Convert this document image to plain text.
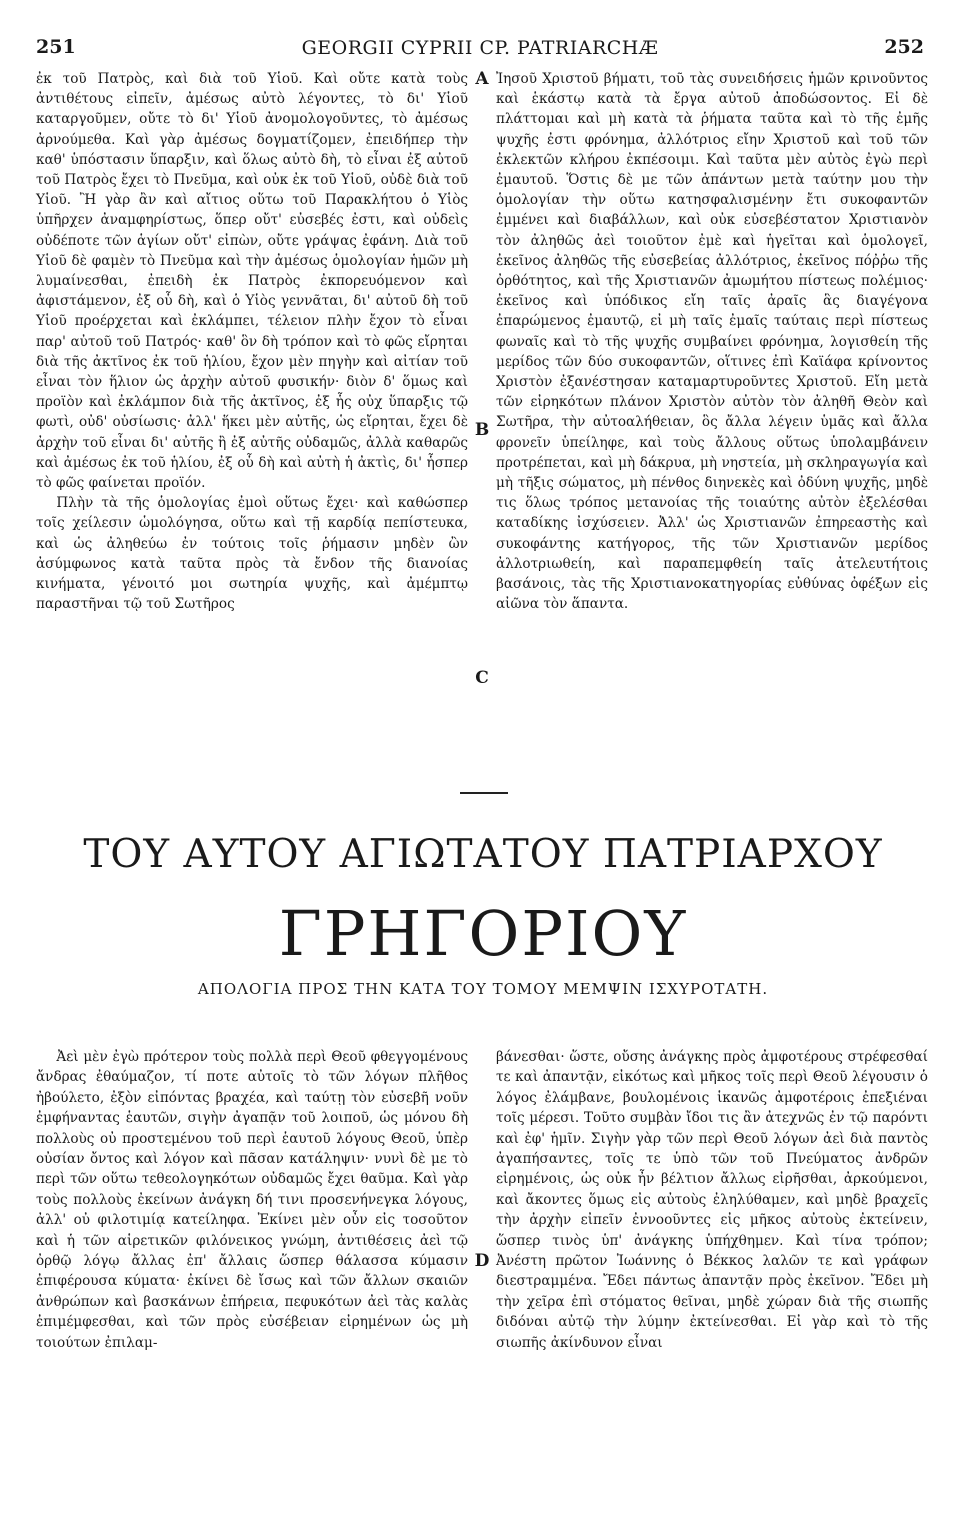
251	GEORGII CYPRII CP. PATRIARCHÆ	252

ἐκ τοῦ Πατρὸς, καὶ διὰ τοῦ Υἱοῦ. Καὶ οὔτε κατὰ τοὺς ἀντιθέτους εἰπεῖν, ἀμέσως αὐτὸ λέγοντες, τὸ δι' Υἱοῦ καταργοῦμεν, οὔτε τὸ δι' Υἱοῦ ἀνομολογοῦντες, τὸ ἀμέσως ἀρνούμεθα. Καὶ γὰρ ἀμέσως δογματίζομεν, ἐπειδήπερ τὴν καθ' ὑπόστασιν ὕπαρξιν, καὶ ὅλως αὐτὸ δὴ, τὸ εἶναι ἐξ αὐτοῦ τοῦ Πατρὸς ἔχει τὸ Πνεῦμα, καὶ οὐκ ἐκ τοῦ Υἱοῦ, οὐδὲ διὰ τοῦ Υἱοῦ. Ἢ γὰρ ἂν καὶ αἴτιος οὕτω τοῦ Παρακλήτου ὁ Υἱὸς ὑπῆρχεν ἀναμφηρίστως, ὅπερ οὔτ' εὐσεβές ἐστι, καὶ οὐδεὶς οὐδέποτε τῶν ἁγίων οὔτ' εἰπὼν, οὔτε γράψας ἐφάνη. Διὰ τοῦ Υἱοῦ δὲ φαμὲν τὸ Πνεῦμα καὶ τὴν ἀμέσως ὁμολογίαν ἡμῶν μὴ λυμαίνεσθαι, ἐπειδὴ ἐκ Πατρὸς ἐκπορευόμενον καὶ ἀφιστάμενον, ἐξ οὗ δὴ, καὶ ὁ Υἱὸς γεννᾶται, δι' αὐτοῦ δὴ τοῦ Υἱοῦ προέρχεται καὶ ἐκλάμπει, τέλειον πλὴν ἔχον τὸ εἶναι παρ' αὐτοῦ τοῦ Πατρός· καθ' ὃν δὴ τρόπον καὶ τὸ φῶς εἴρηται διὰ τῆς ἀκτῖνος ἐκ τοῦ ἡλίου, ἔχον μὲν πηγὴν καὶ αἰτίαν τοῦ εἶναι τὸν ἥλιον ὡς ἀρχὴν αὐτοῦ φυσικήν· διὸν δ' ὅμως καὶ προϊὸν καὶ ἐκλάμπον διὰ τῆς ἀκτῖνος, ἐξ ἧς οὐχ ὕπαρξις τῷ φωτὶ, οὐδ' οὐσίωσις· ἀλλ' ἥκει μὲν αὐτῆς, ὡς εἴρηται, ἔχει δὲ ἀρχὴν τοῦ εἶναι δι' αὐτῆς ἢ ἐξ αὐτῆς οὐδαμῶς, ἀλλὰ καθαρῶς καὶ ἀμέσως ἐκ τοῦ ἡλίου, ἐξ οὗ δὴ καὶ αὐτὴ ἡ ἀκτὶς, δι' ἧσπερ τὸ φῶς φαίνεται προϊόν.

Πλὴν τὰ τῆς ὁμολογίας ἐμοὶ οὕτως ἔχει· καὶ καθώσπερ τοῖς χείλεσιν ὡμολόγησα, οὕτω καὶ τῇ καρδίᾳ πεπίστευκα, καὶ ὡς ἀληθεύω ἐν τούτοις τοῖς ῥήμασιν μηδὲν ὢν ἀσύμφωνος κατὰ ταῦτα πρὸς τὰ ἔνδον τῆς διανοίας κινήματα, γένοιτό μοι σωτηρία ψυχῆς, καὶ ἀμέμπτῳ παραστῆναι τῷ τοῦ Σωτῆρος

Ἰησοῦ Χριστοῦ βήματι, τοῦ τὰς συνειδήσεις ἡμῶν κρινοῦντος καὶ ἑκάστῳ κατὰ τὰ ἔργα αὐτοῦ ἀποδώσοντος. Εἰ δὲ πλάττομαι καὶ μὴ κατὰ τὰ ῥήματα ταῦτα καὶ τὸ τῆς ἐμῆς ψυχῆς ἐστι φρόνημα, ἀλλότριος εἴην Χριστοῦ καὶ τοῦ τῶν ἐκλεκτῶν κλήρου ἐκπέσοιμι. Καὶ ταῦτα μὲν αὐτὸς ἐγὼ περὶ ἐμαυτοῦ. Ὅστις δὲ με τῶν ἁπάντων μετὰ ταύτην μου τὴν ὁμολογίαν τὴν οὕτω κατησφαλισμένην ἔτι συκοφαντῶν ἐμμένει καὶ διαβάλλων, καὶ οὐκ εὐσεβέστατον Χριστιανὸν τὸν ἀληθῶς ἀεὶ τοιοῦτον ἐμὲ καὶ ἡγεῖται καὶ ὁμολογεῖ, ἐκεῖνος ἀληθῶς τῆς εὐσεβείας ἀλλότριος, ἐκεῖνος πόῤῥω τῆς ὀρθότητος, καὶ τῆς Χριστιανῶν ἀμωμήτου πίστεως πολέμιος· ἐκεῖνος καὶ ὑπόδικος εἴη ταῖς ἀραῖς ἃς διαγέγονα ἐπαρώμενος ἐμαυτῷ, εἰ μὴ ταῖς ἐμαῖς ταύταις περὶ πίστεως φωναῖς καὶ τὸ τῆς ψυχῆς συμβαίνει φρόνημα, λογισθείη τῆς μερίδος τῶν δύο συκοφαντῶν, οἵτινες ἐπὶ Καϊάφα κρίνοντος Χριστὸν ἐξανέστησαν καταμαρτυροῦντες Χριστοῦ. Εἴη μετὰ τῶν εἰρηκότων πλάνον Χριστὸν αὐτὸν τὸν ἀληθῆ Θεὸν καὶ Σωτῆρα, τὴν αὐτοαλήθειαν, ὃς ἄλλα λέγειν ὑμᾶς καὶ ἄλλα φρονεῖν ὑπείληφε, καὶ τοὺς ἄλλους οὕτως ὑπολαμβάνειν προτρέπεται, καὶ μὴ δάκρυα, μὴ νηστεία, μὴ σκληραγωγία καὶ μὴ τῆξις σώματος, μὴ πένθος διηνεκὲς καὶ ὀδύνη ψυχῆς, μηδὲ τις ὅλως τρόπος μετανοίας τῆς τοιαύτης αὐτὸν ἐξελέσθαι καταδίκης ἰσχύσειεν. Ἀλλ' ὡς Χριστιανῶν ἐπηρεαστὴς καὶ συκοφάντης κατήγορος, τῆς τῶν Χριστιανῶν μερίδος ἀλλοτριωθείη, καὶ παραπεμφθείη ταῖς ἀτελευτήτοις βασάνοις, τὰς τῆς Χριστιανοκατηγορίας εὐθύνας ὀφέξων εἰς αἰῶνα τὸν ἅπαντα.

A
B
C
D
ΤΟΥ ΑΥΤΟΥ ΑΓΙΩΤΑΤΟΥ ΠΑΤΡΙΑΡΧΟΥ
ΓΡΗΓΟΡΙΟΥ
ΑΠΟΛΟΓΙΑ ΠΡΟΣ ΤΗΝ ΚΑΤΑ ΤΟΥ ΤΟΜΟΥ ΜΕΜΨΙΝ ΙΣΧΥΡΟΤΑΤΗ.

Ἀεὶ μὲν ἐγὼ πρότερον τοὺς πολλὰ περὶ Θεοῦ φθεγγομένους ἄνδρας ἐθαύμαζον, τί ποτε αὐτοῖς τὸ τῶν λόγων πλῆθος ἠβούλετο, ἐξὸν εἰπόντας βραχέα, καὶ ταύτῃ τὸν εὐσεβῆ νοῦν ἐμφήναντας ἑαυτῶν, σιγὴν ἀγαπᾷν τοῦ λοιποῦ, ὡς μόνου δὴ πολλοὺς οὐ προστεμένου τοῦ περὶ ἑαυτοῦ λόγους Θεοῦ, ὑπὲρ οὐσίαν ὄντος καὶ λόγον καὶ πᾶσαν κατάληψιν· νυνὶ δὲ με τὸ περὶ τῶν οὕτω τεθεολογηκότων οὐδαμῶς ἔχει θαῦμα. Καὶ γὰρ τοὺς πολλοὺς ἐκείνων ἀνάγκη δή τινι προσενήνεγκα λόγους, ἀλλ' οὐ φιλοτιμίᾳ κατείληφα. Ἐκίνει μὲν οὖν εἰς τοσοῦτον καὶ ἡ τῶν αἱρετικῶν φιλόνεικος γνώμη, ἀντιθέσεις ἀεὶ τῷ ὀρθῷ λόγῳ ἄλλας ἐπ' ἄλλαις ὥσπερ θάλασσα κύμασιν ἐπιφέρουσα κύματα· ἐκίνει δὲ ἴσως καὶ τῶν ἄλλων σκαιῶν ἀνθρώπων καὶ βασκάνων ἐπήρεια, πεφυκότων ἀεὶ τὰς καλὰς ἐπιμέμφεσθαι, καὶ τῶν πρὸς εὐσέβειαν εἰρημένων ὡς μὴ τοιούτων ἐπιλαμ-

βάνεσθαι· ὥστε, οὔσης ἀνάγκης πρὸς ἀμφοτέρους στρέφεσθαί τε καὶ ἀπαντᾷν, εἰκότως καὶ μῆκος τοῖς περὶ Θεοῦ λέγουσιν ὁ λόγος ἐλάμβανε, βουλομένοις ἱκανῶς ἀμφοτέροις ἐπεξιέναι τοῖς μέρεσι. Τοῦτο συμβὰν ἴδοι τις ἂν ἀτεχνῶς ἐν τῷ παρόντι καὶ ἐφ' ἡμῖν. Σιγὴν γὰρ τῶν περὶ Θεοῦ λόγων ἀεὶ διὰ παντὸς ἀγαπήσαντες, τοῖς τε ὑπὸ τῶν τοῦ Πνεύματος ἀνδρῶν εἰρημένοις, ὡς οὐκ ἦν βέλτιον ἄλλως εἰρῆσθαι, ἀρκούμενοι, καὶ ἄκοντες ὅμως εἰς αὐτοὺς ἐληλύθαμεν, καὶ μηδὲ βραχεῖς τὴν ἀρχὴν εἰπεῖν ἐννοοῦντες εἰς μῆκος αὐτοὺς ἐκτείνειν, ὥσπερ τινὸς ὑπ' ἀνάγκης ὑπήχθημεν. Καὶ τίνα τρόπον; Ἀνέστη πρῶτον Ἰωάννης ὁ Βέκκος λαλῶν τε καὶ γράφων διεστραμμένα. Ἔδει πάντως ἀπαντᾷν πρὸς ἐκεῖνον. Ἔδει μὴ τὴν χεῖρα ἐπὶ στόματος θεῖναι, μηδὲ χώραν διὰ τῆς σιωπῆς διδόναι αὐτῷ τὴν λύμην ἐκτείνεσθαι. Εἰ γὰρ καὶ τὸ τῆς σιωπῆς ἀκίνδυνον εἶναι
